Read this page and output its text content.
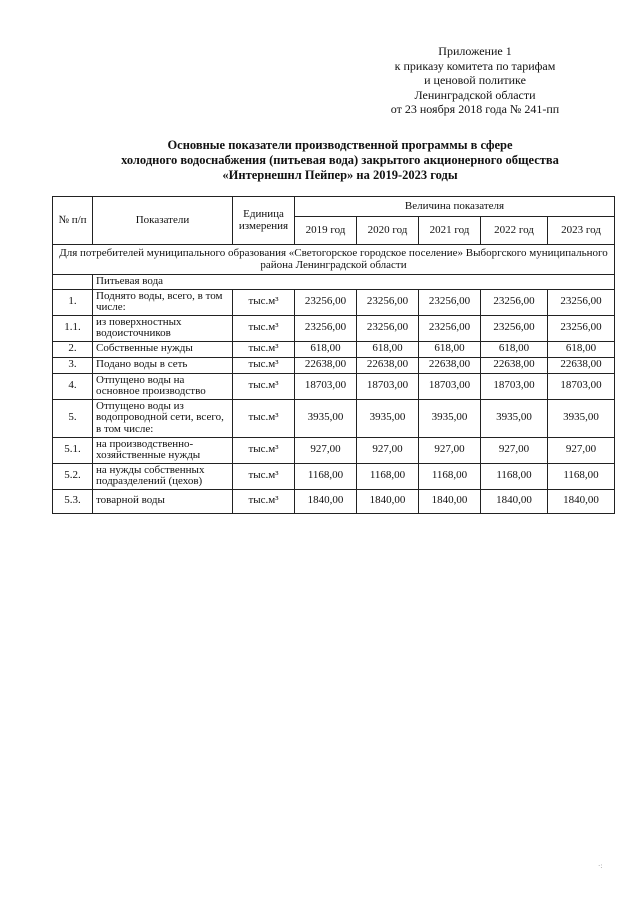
Приложение 1
к приказу комитета по тарифам
и ценовой политике
Ленинградской области
от 23 ноября 2018 года № 241-пп
Основные показатели производственной программы в сфере
холодного водоснабжения (питьевая вода) закрытого акционерного общества
«Интернешнл Пейпер» на 2019-2023 годы
№ п/п	Показатели	Единица измерения	Величина показателя				
			2019 год	2020 год	2021 год	2022 год	2023 год
Для потребителей муниципального образования «Светогорское городское поселение» Выборгского муниципального района Ленинградской области							
	Питьевая вода						
1.	Поднято воды, всего, в том числе:	тыс.м³	23256,00	23256,00	23256,00	23256,00	23256,00
1.1.	из поверхностных водоисточников	тыс.м³	23256,00	23256,00	23256,00	23256,00	23256,00
2.	Собственные нужды	тыс.м³	618,00	618,00	618,00	618,00	618,00
3.	Подано воды в сеть	тыс.м³	22638,00	22638,00	22638,00	22638,00	22638,00
4.	Отпущено воды на основное производство	тыс.м³	18703,00	18703,00	18703,00	18703,00	18703,00
5.	Отпущено воды из водопроводной сети, всего, в том числе:	тыс.м³	3935,00	3935,00	3935,00	3935,00	3935,00
5.1.	на производственно-хозяйственные нужды	тыс.м³	927,00	927,00	927,00	927,00	927,00
5.2.	на нужды собственных подразделений (цехов)	тыс.м³	1168,00	1168,00	1168,00	1168,00	1168,00
5.3.	товарной воды	тыс.м³	1840,00	1840,00	1840,00	1840,00	1840,00
·:
